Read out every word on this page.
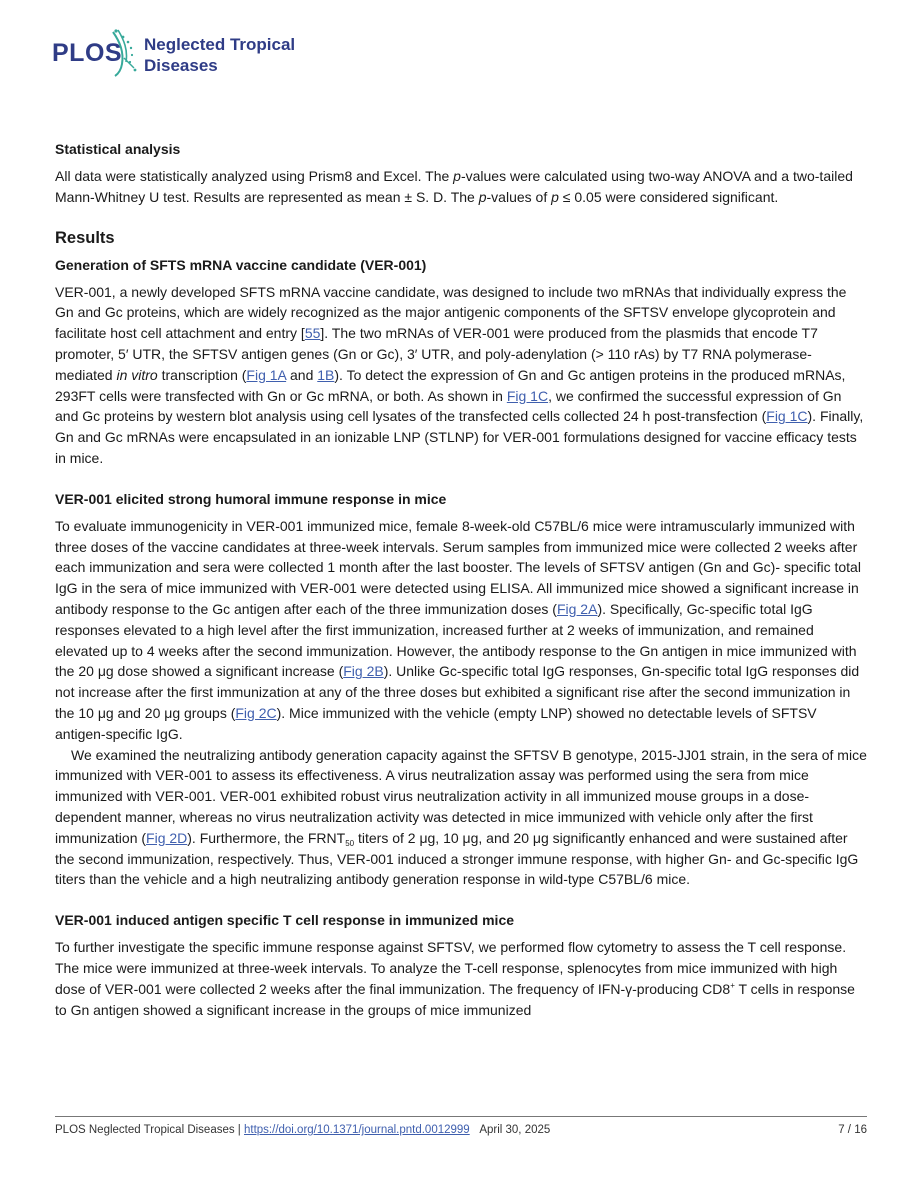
PLOS Neglected Tropical
Diseases
Statistical analysis

All data were statistically analyzed using Prism8 and Excel. The p-values were calculated using two-way ANOVA and a two-tailed Mann-Whitney U test. Results are represented as mean ± S. D. The p-values of p ≤ 0.05 were considered significant.

Results
Generation of SFTS mRNA vaccine candidate (VER-001)

VER-001, a newly developed SFTS mRNA vaccine candidate, was designed to include two mRNAs that individually express the Gn and Gc proteins, which are widely recognized as the major antigenic components of the SFTSV envelope glycoprotein and facilitate host cell attachment and entry [55]. The two mRNAs of VER-001 were produced from the plasmids that encode T7 promoter, 5′ UTR, the SFTSV antigen genes (Gn or Gc), 3′ UTR, and poly-adenylation (> 110 rAs) by T7 RNA polymerase-mediated in vitro transcription (Fig 1A and 1B). To detect the expression of Gn and Gc antigen proteins in the produced mRNAs, 293FT cells were transfected with Gn or Gc mRNA, or both. As shown in Fig 1C, we confirmed the successful expression of Gn and Gc proteins by western blot analysis using cell lysates of the transfected cells collected 24 h post-transfection (Fig 1C). Finally, Gn and Gc mRNAs were encapsulated in an ionizable LNP (STLNP) for VER-001 formulations designed for vaccine efficacy tests in mice.

VER-001 elicited strong humoral immune response in mice

To evaluate immunogenicity in VER-001 immunized mice, female 8-week-old C57BL/6 mice were intramuscularly immunized with three doses of the vaccine candidates at three-week intervals. Serum samples from immunized mice were collected 2 weeks after each immunization and sera were collected 1 month after the last booster. The levels of SFTSV antigen (Gn and Gc)- specific total IgG in the sera of mice immunized with VER-001 were detected using ELISA. All immunized mice showed a significant increase in antibody response to the Gc antigen after each of the three immunization doses (Fig 2A). Specifically, Gc-specific total IgG responses elevated to a high level after the first immunization, increased further at 2 weeks of immunization, and remained elevated up to 4 weeks after the second immunization. However, the antibody response to the Gn antigen in mice immunized with the 20 μg dose showed a significant increase (Fig 2B). Unlike Gc-specific total IgG responses, Gn-specific total IgG responses did not increase after the first immunization at any of the three doses but exhibited a significant rise after the second immunization in the 10 μg and 20 μg groups (Fig 2C). Mice immunized with the vehicle (empty LNP) showed no detectable levels of SFTSV antigen-specific IgG.

We examined the neutralizing antibody generation capacity against the SFTSV B genotype, 2015-JJ01 strain, in the sera of mice immunized with VER-001 to assess its effectiveness. A virus neutralization assay was performed using the sera from mice immunized with VER-001. VER-001 exhibited robust virus neutralization activity in all immunized mouse groups in a dose-dependent manner, whereas no virus neutralization activity was detected in mice immunized with vehicle only after the first immunization (Fig 2D). Furthermore, the $FRNT_{50}$ titers of 2 μg, 10 μg, and 20 μg significantly enhanced and were sustained after the second immunization, respectively. Thus, VER-001 induced a stronger immune response, with higher Gn- and Gc-specific IgG titers than the vehicle and a high neutralizing antibody generation response in wild-type C57BL/6 mice.

VER-001 induced antigen specific T cell response in immunized mice

To further investigate the specific immune response against SFTSV, we performed flow cytometry to assess the T cell response. The mice were immunized at three-week intervals. To analyze the T-cell response, splenocytes from mice immunized with high dose of VER-001 were collected 2 weeks after the final immunization. The frequency of IFN-γ-producing CD8+ T cells in response to Gn antigen showed a significant increase in the groups of mice immunized

PLOS Neglected Tropical Diseases | https://doi.org/10.1371/journal.pntd.0012999 April 30, 2025	7 / 16
